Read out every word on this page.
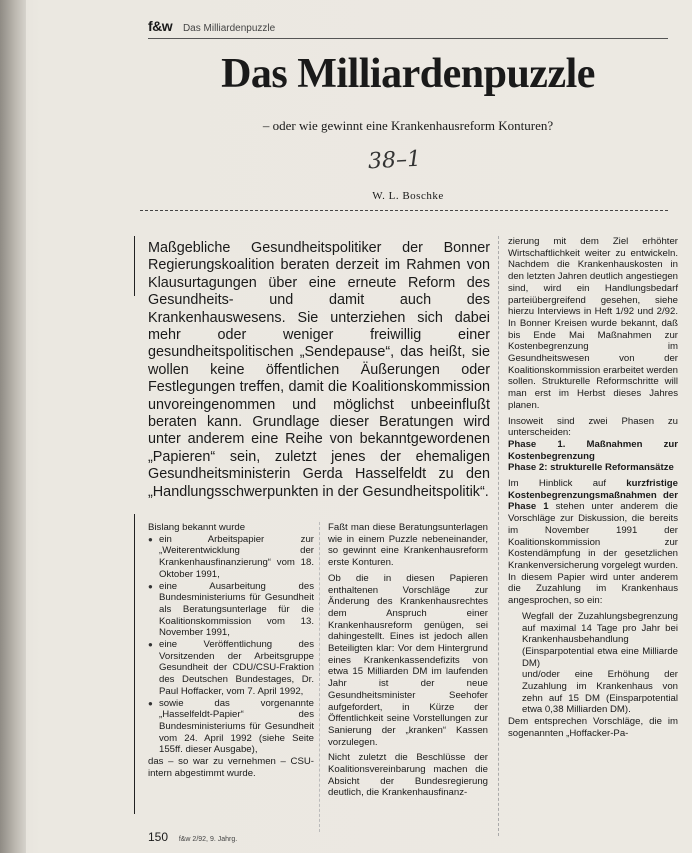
f&w Das Milliardenpuzzle
Das Milliardenpuzzle
– oder wie gewinnt eine Krankenhausreform Konturen?
38–1
W. L. Boschke
Maßgebliche Gesundheitspolitiker der Bonner Regierungskoalition beraten derzeit im Rahmen von Klausurtagungen über eine erneute Reform des Gesundheits- und damit auch des Krankenhauswesens. Sie unterziehen sich dabei mehr oder weniger freiwillig einer gesundheitspolitischen „Sendepause“, das heißt, sie wollen keine öffentlichen Äußerungen oder Festlegungen treffen, damit die Koalitionskommission unvoreingenommen und möglichst unbeeinflußt beraten kann. Grundlage dieser Beratungen wird unter anderem eine Reihe von bekanntgewordenen „Papieren“ sein, zuletzt jenes der ehemaligen Gesundheitsministerin Gerda Hasselfeldt zu den „Handlungsschwerpunkten in der Gesundheitspolitik“.

Bislang bekannt wurde

● ein Arbeitspapier zur „Weiterentwicklung der Krankenhausfinanzierung“ vom 18. Oktober 1991,
● eine Ausarbeitung des Bundesministeriums für Gesundheit als Beratungsunterlage für die Koalitionskommission vom 13. November 1991,
● eine Veröffentlichung des Vorsitzenden der Arbeitsgruppe Gesundheit der CDU/CSU-Fraktion des Deutschen Bundestages, Dr. Paul Hoffacker, vom 7. April 1992,
● sowie das vorgenannte „Hasselfeldt-Papier“ des Bundesministeriums für Gesundheit vom 24. April 1992 (siehe Seite 155ff. dieser Ausgabe),

das – so war zu vernehmen – CSU-intern abgestimmt wurde.

Faßt man diese Beratungsunterlagen wie in einem Puzzle nebeneinander, so gewinnt eine Krankenhausreform erste Konturen.

Ob die in diesen Papieren enthaltenen Vorschläge zur Änderung des Krankenhausrechtes dem Anspruch einer Krankenhausreform genügen, sei dahingestellt. Eines ist jedoch allen Beteiligten klar: Vor dem Hintergrund eines Krankenkassendefizits von etwa 15 Milliarden DM im laufenden Jahr ist der neue Gesundheitsminister Seehofer aufgefordert, in Kürze der Öffentlichkeit seine Vorstellungen zur Sanierung der „kranken“ Kassen vorzulegen.

Nicht zuletzt die Beschlüsse der Koalitionsvereinbarung machen die Absicht der Bundesregierung deutlich, die Krankenhausfinanz-

zierung mit dem Ziel erhöhter Wirtschaftlichkeit weiter zu entwickeln. Nachdem die Krankenhauskosten in den letzten Jahren deutlich angestiegen sind, wird ein Handlungsbedarf parteiübergreifend gesehen, siehe hierzu Interviews in Heft 1/92 und 2/92. In Bonner Kreisen wurde bekannt, daß bis Ende Mai Maßnahmen zur Kostenbegrenzung im Gesundheitswesen von der Koalitionskommission erarbeitet werden sollen. Strukturelle Reformschritte will man erst im Herbst dieses Jahres planen.

Insoweit sind zwei Phasen zu unterscheiden:

Phase 1. Maßnahmen zur Kostenbegrenzung

Phase 2: strukturelle Reformansätze

Im Hinblick auf kurzfristige Kostenbegrenzungsmaßnahmen der Phase 1 stehen unter anderem die Vorschläge zur Diskussion, die bereits im November 1991 der Koalitionskommission zur Kostendämpfung in der gesetzlichen Krankenversicherung vorgelegt wurden. In diesem Papier wird unter anderem die Zuzahlung im Krankenhaus angesprochen, so ein:

Wegfall der Zuzahlungsbegrenzung auf maximal 14 Tage pro Jahr bei Krankenhausbehandlung (Einsparpotential etwa eine Milliarde DM)

und/oder eine Erhöhung der Zuzahlung im Krankenhaus von zehn auf 15 DM (Einsparpotential etwa 0,38 Milliarden DM).

Dem entsprechen Vorschläge, die im sogenannten „Hoffacker-Pa-

150 f&w 2/92, 9. Jahrg.
